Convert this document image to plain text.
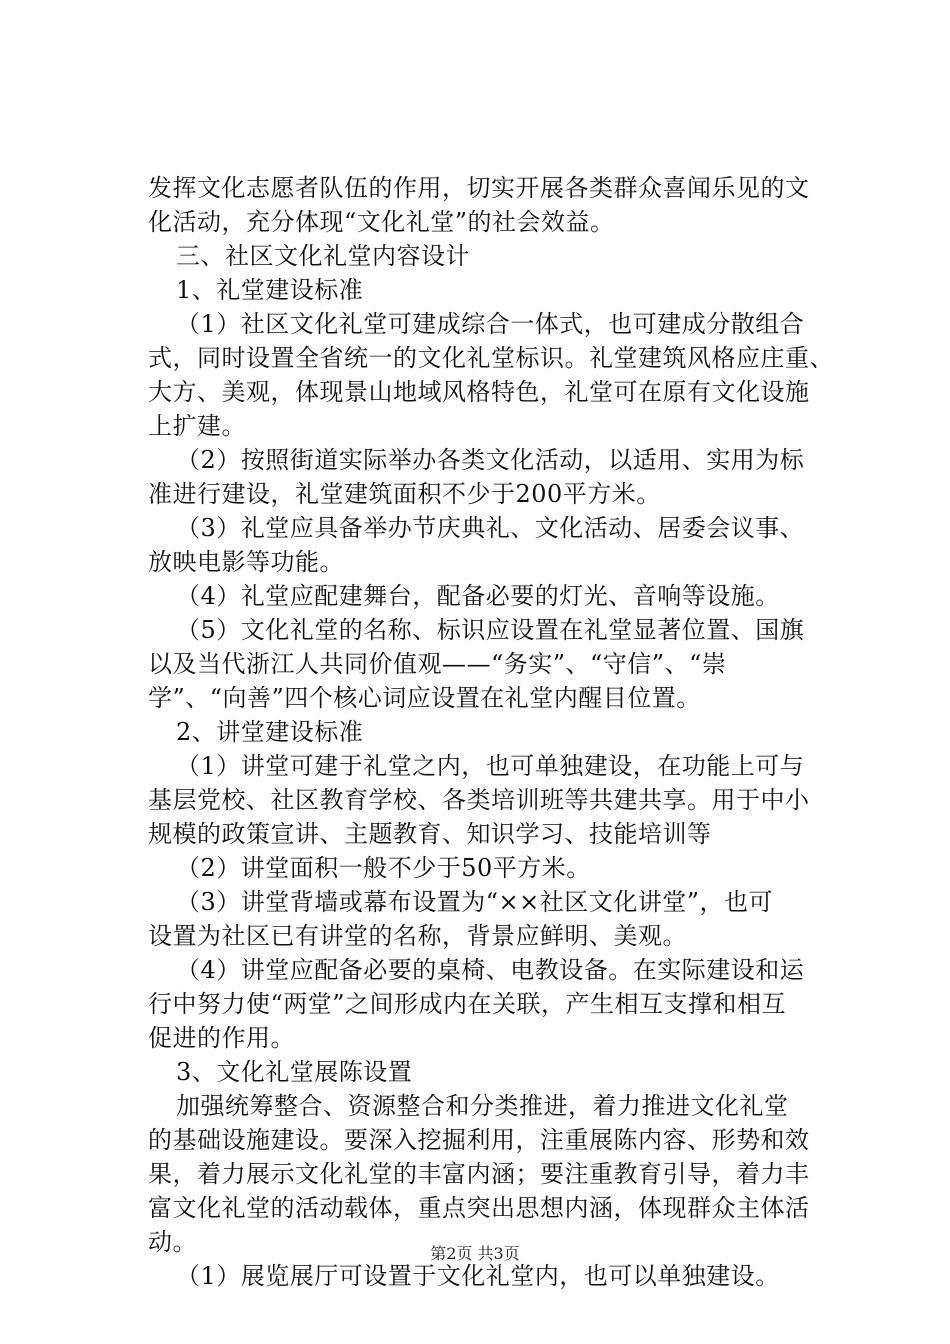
发挥文化志愿者队伍的作用，切实开展各类群众喜闻乐见的文
化活动，充分体现“文化礼堂”的社会效益。
三、社区文化礼堂内容设计
1、礼堂建设标准
（1）社区文化礼堂可建成综合一体式，也可建成分散组合
式，同时设置全省统一的文化礼堂标识。礼堂建筑风格应庄重、
大方、美观，体现景山地域风格特色，礼堂可在原有文化设施
上扩建。
（2）按照街道实际举办各类文化活动，以适用、实用为标
准进行建设，礼堂建筑面积不少于200平方米。
（3）礼堂应具备举办节庆典礼、文化活动、居委会议事、
放映电影等功能。
（4）礼堂应配建舞台，配备必要的灯光、音响等设施。
（5）文化礼堂的名称、标识应设置在礼堂显著位置、国旗
以及当代浙江人共同价值观——“务实”、“守信”、“崇
学”、“向善”四个核心词应设置在礼堂内醒目位置。
2、讲堂建设标准
（1）讲堂可建于礼堂之内，也可单独建设，在功能上可与
基层党校、社区教育学校、各类培训班等共建共享。用于中小
规模的政策宣讲、主题教育、知识学习、技能培训等
（2）讲堂面积一般不少于50平方米。
（3）讲堂背墙或幕布设置为“××社区文化讲堂”，也可
设置为社区已有讲堂的名称，背景应鲜明、美观。
（4）讲堂应配备必要的桌椅、电教设备。在实际建设和运
行中努力使“两堂”之间形成内在关联，产生相互支撑和相互
促进的作用。
3、文化礼堂展陈设置
加强统筹整合、资源整合和分类推进，着力推进文化礼堂
的基础设施建设。要深入挖掘利用，注重展陈内容、形势和效
果，着力展示文化礼堂的丰富内涵；要注重教育引导，着力丰
富文化礼堂的活动载体，重点突出思想内涵，体现群众主体活
动。
（1）展览展厅可设置于文化礼堂内，也可以单独建设。
第2页 共3页
